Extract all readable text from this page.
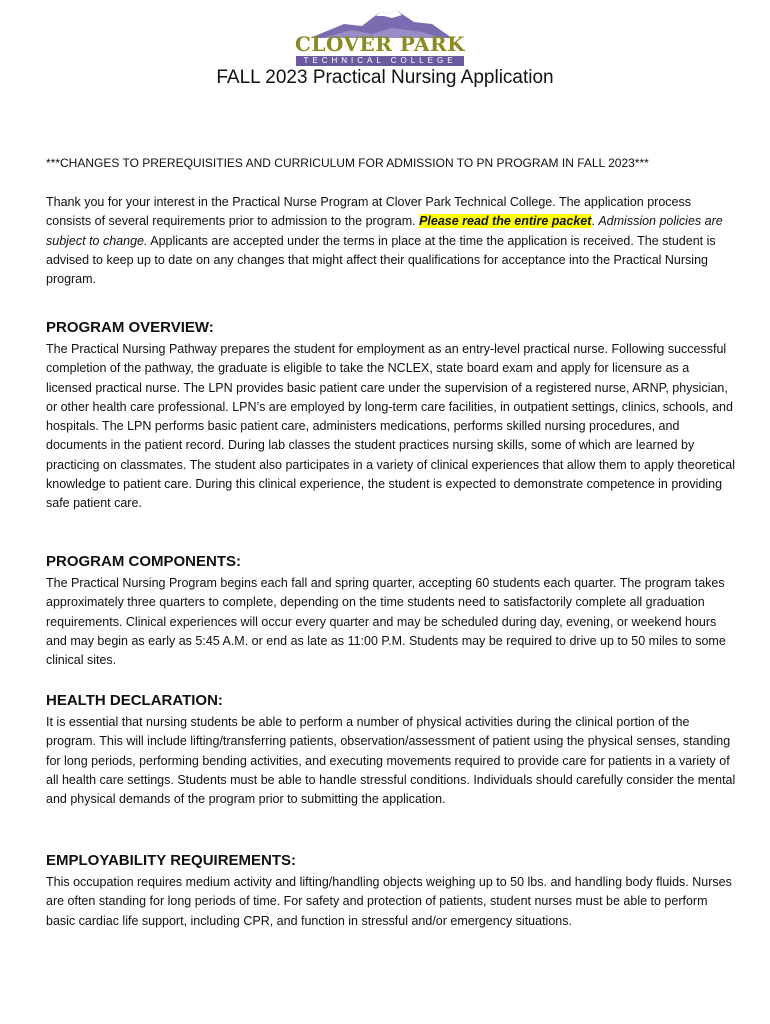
CLOVER PARK
TECHNICAL COLLEGE
FALL 2023 Practical Nursing Application
***CHANGES TO PREREQUISITIES AND CURRICULUM FOR ADMISSION TO PN PROGRAM IN FALL 2023***
Thank you for your interest in the Practical Nurse Program at Clover Park Technical College. The application process consists of several requirements prior to admission to the program. Please read the entire packet. Admission policies are subject to change. Applicants are accepted under the terms in place at the time the application is received. The student is advised to keep up to date on any changes that might affect their qualifications for acceptance into the Practical Nursing program.
PROGRAM OVERVIEW:
The Practical Nursing Pathway prepares the student for employment as an entry-level practical nurse. Following successful completion of the pathway, the graduate is eligible to take the NCLEX, state board exam and apply for licensure as a licensed practical nurse. The LPN provides basic patient care under the supervision of a registered nurse, ARNP, physician, or other health care professional. LPN’s are employed by long-term care facilities, in outpatient settings, clinics, schools, and hospitals. The LPN performs basic patient care, administers medications, performs skilled nursing procedures, and documents in the patient record. During lab classes the student practices nursing skills, some of which are learned by practicing on classmates. The student also participates in a variety of clinical experiences that allow them to apply theoretical knowledge to patient care. During this clinical experience, the student is expected to demonstrate competence in providing safe patient care.
PROGRAM COMPONENTS:
The Practical Nursing Program begins each fall and spring quarter, accepting 60 students each quarter. The program takes approximately three quarters to complete, depending on the time students need to satisfactorily complete all graduation requirements. Clinical experiences will occur every quarter and may be scheduled during day, evening, or weekend hours and may begin as early as 5:45 A.M. or end as late as 11:00 P.M. Students may be required to drive up to 50 miles to some clinical sites.
HEALTH DECLARATION:
It is essential that nursing students be able to perform a number of physical activities during the clinical portion of the program. This will include lifting/transferring patients, observation/assessment of patient using the physical senses, standing for long periods, performing bending activities, and executing movements required to provide care for patients in a variety of all health care settings. Students must be able to handle stressful conditions. Individuals should carefully consider the mental and physical demands of the program prior to submitting the application.
EMPLOYABILITY REQUIREMENTS:
This occupation requires medium activity and lifting/handling objects weighing up to 50 lbs. and handling body fluids. Nurses are often standing for long periods of time. For safety and protection of patients, student nurses must be able to perform basic cardiac life support, including CPR, and function in stressful and/or emergency situations.
